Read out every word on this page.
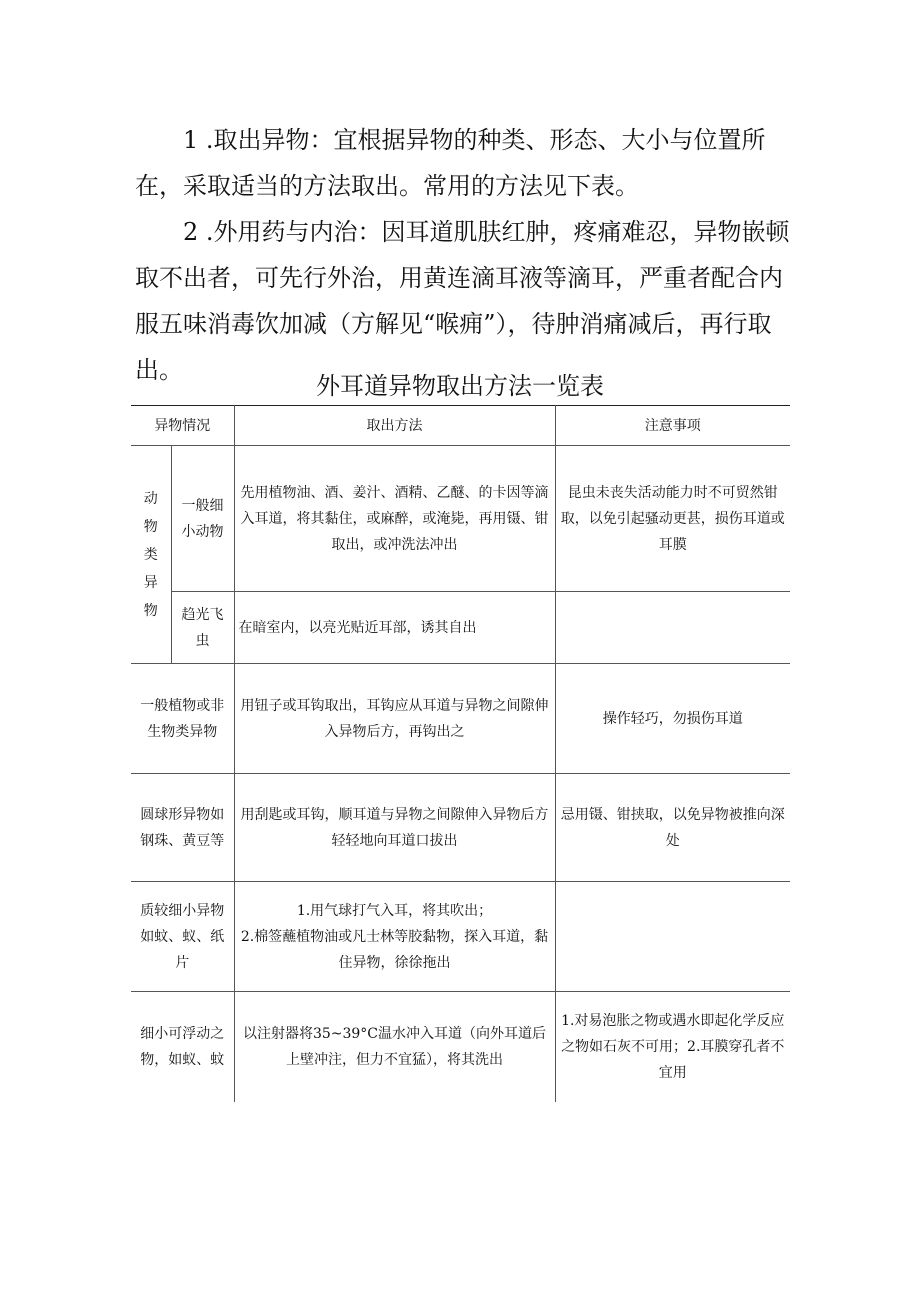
1 .取出异物：宜根据异物的种类、形态、大小与位置所在，采取适当的方法取出。常用的方法见下表。

2 .外用药与内治：因耳道肌肤红肿，疼痛难忍，异物嵌顿取不出者，可先行外治，用黄连滴耳液等滴耳，严重者配合内服五味消毒饮加减（方解见“喉痈”），待肿消痛减后，再行取出。

外耳道异物取出方法一览表
异物情况		取出方法	注意事项

动物类异物	一般细小动物	先用植物油、酒、姜汁、酒精、乙醚、的卡因等滴入耳道，将其黏住，或麻醉，或淹毙，再用镊、钳取出，或冲洗法冲出	昆虫未丧失活动能力时不可贸然钳取，以免引起骚动更甚，损伤耳道或耳膜
	趋光飞虫	在暗室内，以亮光贴近耳部，诱其自出	
一般植物或非生物类异物		用钮子或耳钩取出，耳钩应从耳道与异物之间隙伸入异物后方，再钩出之	操作轻巧，勿损伤耳道
圆球形异物如钢珠、黄豆等		用刮匙或耳钩，顺耳道与异物之间隙伸入异物后方轻轻地向耳道口拔出	忌用镊、钳挟取，以免异物被推向深处
质较细小异物如蚊、蚁、纸片		1.用气球打气入耳，将其吹出；
2.棉签蘸植物油或凡士林等胶黏物，探入耳道，黏住异物，徐徐拖出	

细小可浮动之物，如蚁、蚊		以注射器将35~39°C温水冲入耳道（向外耳道后上壁冲注，但力不宜猛），将其洗出	1.对易泡胀之物或遇水即起化学反应之物如石灰不可用；2.耳膜穿孔者不宜用
